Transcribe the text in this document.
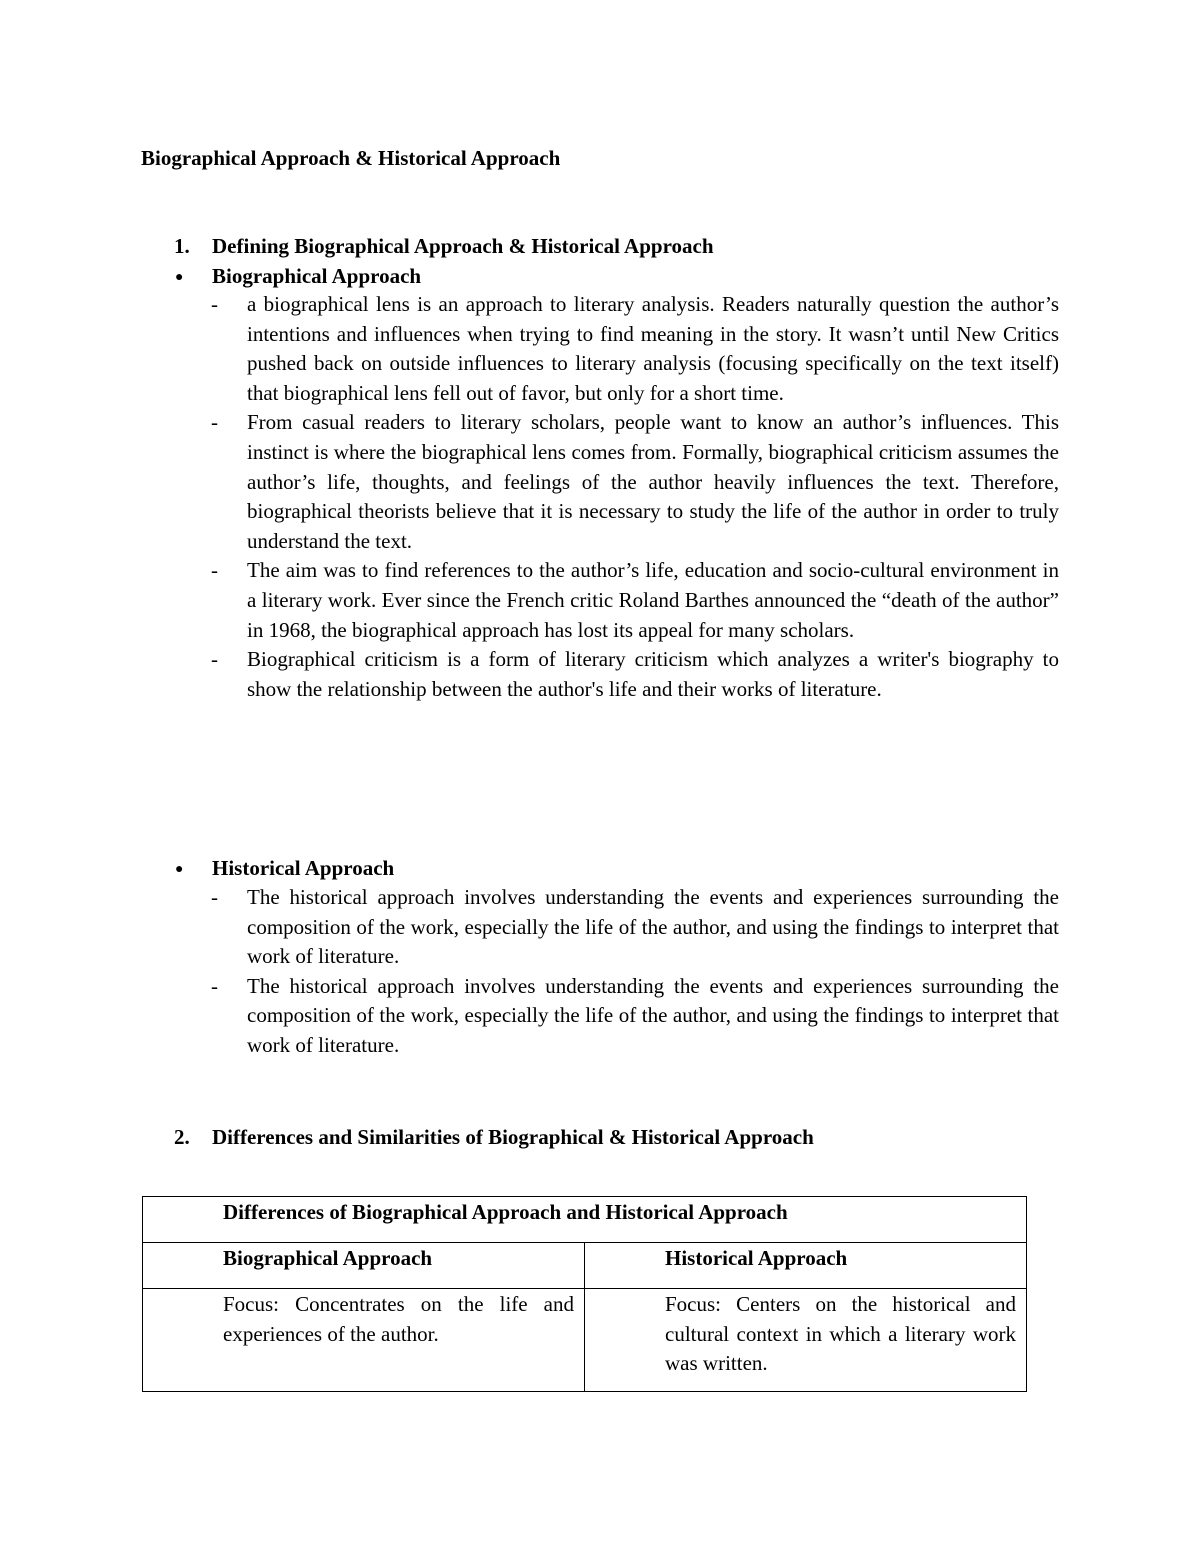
Biographical Approach & Historical Approach
1. Defining Biographical Approach & Historical Approach
● Biographical Approach
- a biographical lens is an approach to literary analysis. Readers naturally question the author’s intentions and influences when trying to find meaning in the story. It wasn’t until New Critics pushed back on outside influences to literary analysis (focusing specifically on the text itself) that biographical lens fell out of favor, but only for a short time.
- From casual readers to literary scholars, people want to know an author’s influences. This instinct is where the biographical lens comes from. Formally, biographical criticism assumes the author’s life, thoughts, and feelings of the author heavily influences the text. Therefore, biographical theorists believe that it is necessary to study the life of the author in order to truly understand the text.
- The aim was to find references to the author’s life, education and socio-cultural environment in a literary work. Ever since the French critic Roland Barthes announced the “death of the author” in 1968, the biographical approach has lost its appeal for many scholars.
- Biographical criticism is a form of literary criticism which analyzes a writer's biography to show the relationship between the author's life and their works of literature.
● Historical Approach
- The historical approach involves understanding the events and experiences surrounding the composition of the work, especially the life of the author, and using the findings to interpret that work of literature.
- The historical approach involves understanding the events and experiences surrounding the composition of the work, especially the life of the author, and using the findings to interpret that work of literature.
2. Differences and Similarities of Biographical & Historical Approach
Differences of Biographical Approach and Historical Approach	

Biographical Approach	Historical Approach

Focus: Concentrates on the life and experiences of the author.	Focus: Centers on the historical and cultural context in which a literary work was written.
